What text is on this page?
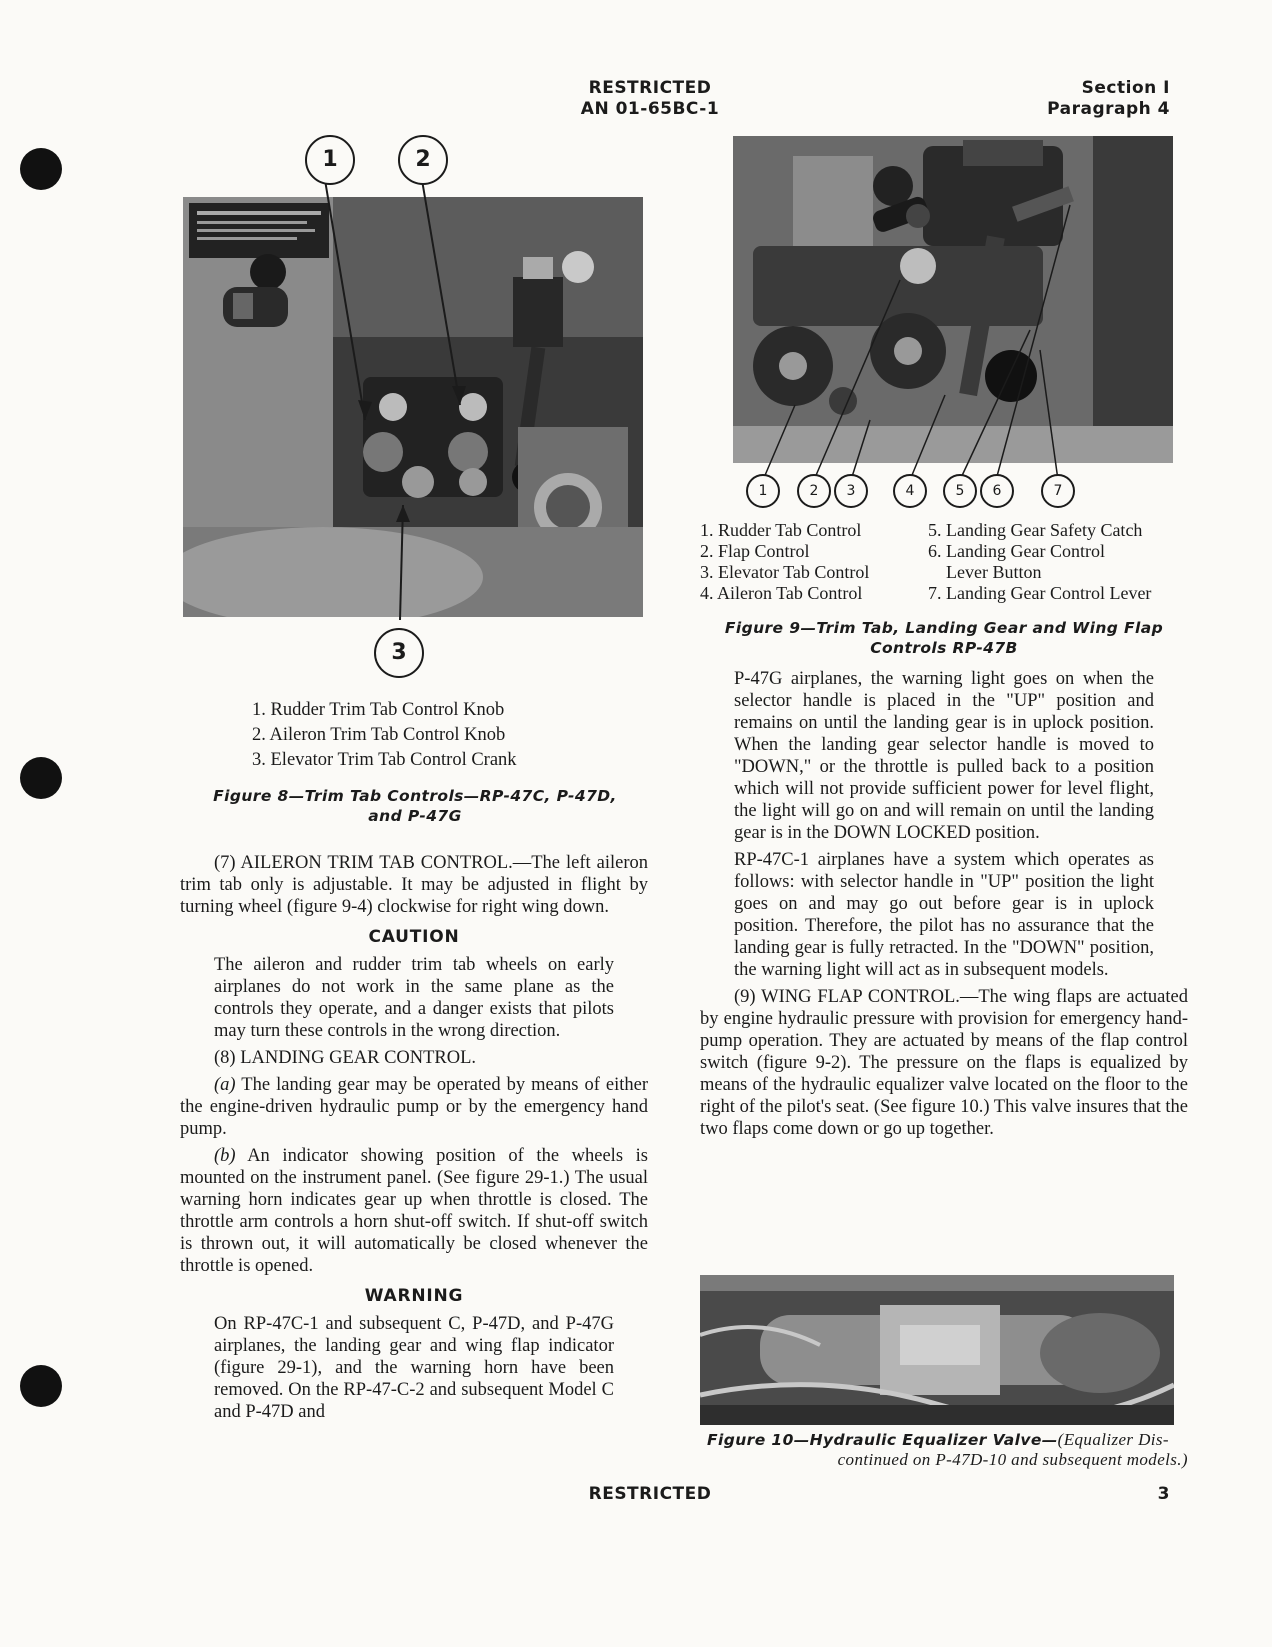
RESTRICTED
AN 01-65BC-1
Section I
Paragraph 4
1	2
3
1. Rudder Trim Tab Control Knob
2. Aileron Trim Tab Control Knob
3. Elevator Trim Tab Control Crank
Figure 8—Trim Tab Controls—RP-47C, P-47D,
and P-47G
1	2	3	4	5	6	7
1. Rudder Tab Control
2. Flap Control
3. Elevator Tab Control
4. Aileron Tab Control
5. Landing Gear Safety Catch
6. Landing Gear Control
Lever Button
7. Landing Gear Control Lever
Figure 9—Trim Tab, Landing Gear and Wing Flap
Controls RP-47B

(7) AILERON TRIM TAB CONTROL.—The left aileron trim tab only is adjustable. It may be adjusted in flight by turning wheel (figure 9-4) clockwise for right wing down.

CAUTION

The aileron and rudder trim tab wheels on early airplanes do not work in the same plane as the controls they operate, and a danger exists that pilots may turn these controls in the wrong direction.

(8) LANDING GEAR CONTROL.

(a) The landing gear may be operated by means of either the engine-driven hydraulic pump or by the emergency hand pump.

(b) An indicator showing position of the wheels is mounted on the instrument panel. (See figure 29-1.) The usual warning horn indicates gear up when throttle is closed. The throttle arm controls a horn shut-off switch. If shut-off switch is thrown out, it will automatically be closed whenever the throttle is opened.

WARNING

On RP-47C-1 and subsequent C, P-47D, and P-47G airplanes, the landing gear and wing flap indicator (figure 29-1), and the warning horn have been removed. On the RP-47-C-2 and subsequent Model C and P-47D and

P-47G airplanes, the warning light goes on when the selector handle is placed in the "UP" position and remains on until the landing gear is in uplock position. When the landing gear selector handle is moved to "DOWN," or the throttle is pulled back to a position which will not provide sufficient power for level flight, the light will go on and will remain on until the landing gear is in the DOWN LOCKED position.

RP-47C-1 airplanes have a system which operates as follows: with selector handle in "UP" position the light goes on and may go out before gear is in uplock position. Therefore, the pilot has no assurance that the landing gear is fully retracted. In the "DOWN" position, the warning light will act as in subsequent models.

(9) WING FLAP CONTROL.—The wing flaps are actuated by engine hydraulic pressure with provision for emergency hand-pump operation. They are actuated by means of the flap control switch (figure 9-2). The pressure on the flaps is equalized by means of the hydraulic equalizer valve located on the floor to the right of the pilot's seat. (See figure 10.) This valve insures that the two flaps come down or go up together.

Figure 10—Hydraulic Equalizer Valve—(Equalizer Dis-
continued on P-47D-10 and subsequent models.)
RESTRICTED	3
